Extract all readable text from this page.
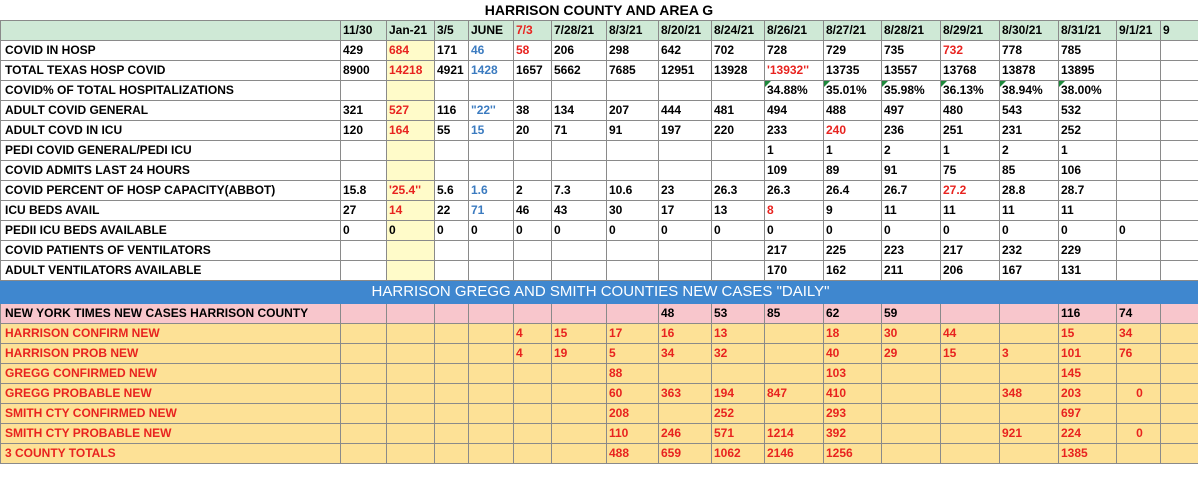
HARRISON COUNTY AND AREA G
	11/30	Jan-21	3/5	JUNE	7/3	7/28/21	8/3/21	8/20/21	8/24/21	8/26/21	8/27/21	8/28/21	8/29/21	8/30/21	8/31/21	9/1/21	9
COVID IN HOSP	429	684	171	46	58	206	298	642	702	728	729	735	732	778	785		
TOTAL TEXAS HOSP COVID	8900	14218	4921	1428	1657	5662	7685	12951	13928	'13932''	13735	13557	13768	13878	13895		
COVID% OF TOTAL HOSPITALIZATIONS										34.88%	35.01%	35.98%	36.13%	38.94%	38.00%		
ADULT COVID GENERAL	321	527	116	"22''	38	134	207	444	481	494	488	497	480	543	532		
ADULT COVD IN ICU	120	164	55	15	20	71	91	197	220	233	240	236	251	231	252		
PEDI COVID GENERAL/PEDI ICU										1	1	2	1	2	1		
COVID ADMITS LAST 24 HOURS										109	89	91	75	85	106		
COVID PERCENT OF HOSP CAPACITY(ABBOT)	15.8	'25.4''	5.6	1.6	2	7.3	10.6	23	26.3	26.3	26.4	26.7	27.2	28.8	28.7		
ICU BEDS AVAIL	27	14	22	71	46	43	30	17	13	8	9	11	11	11	11		
PEDII ICU BEDS AVAILABLE	0	0	0	0	0	0	0	0	0	0	0	0	0	0	0	0	
COVID PATIENTS OF VENTILATORS										217	225	223	217	232	229		
ADULT VENTILATORS AVAILABLE										170	162	211	206	167	131		
HARRISON GREGG AND SMITH COUNTIES NEW CASES "DAILY"																	
NEW YORK TIMES NEW CASES HARRISON COUNTY								48	53	85	62	59			116	74	
HARRISON CONFIRM NEW					4	15	17	16	13		18	30	44		15	34	
HARRISON PROB NEW					4	19	5	34	32		40	29	15	3	101	76	
GREGG CONFIRMED NEW							88				103				145		
GREGG PROBABLE NEW							60	363	194	847	410			348	203	0	
SMITH CTY CONFIRMED NEW							208		252		293				697		
SMITH CTY PROBABLE NEW							110	246	571	1214	392			921	224	0	
3 COUNTY TOTALS							488	659	1062	2146	1256				1385		
